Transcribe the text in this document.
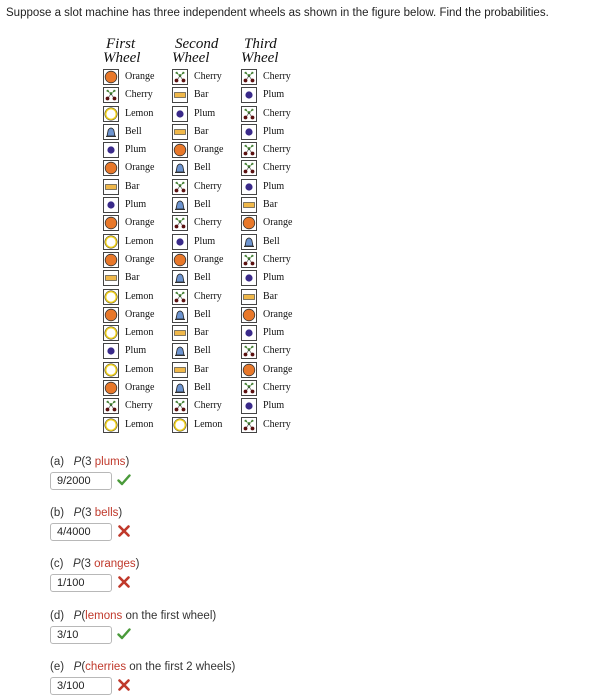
Suppose a slot machine has three independent wheels as shown in the figure below. Find the probabilities.

First
Wheel
Orange
Cherry
Lemon
Bell
Plum
Orange
Bar
Plum
Orange
Lemon
Orange
Bar
Lemon
Orange
Lemon
Plum
Lemon
Orange
Cherry
Lemon
Second
Wheel
Cherry
Bar
Plum
Bar
Orange
Bell
Cherry
Bell
Cherry
Plum
Orange
Bell
Cherry
Bell
Bar
Bell
Bar
Bell
Cherry
Lemon
Third
Wheel
Cherry
Plum
Cherry
Plum
Cherry
Cherry
Plum
Bar
Orange
Bell
Cherry
Plum
Bar
Orange
Plum
Cherry
Orange
Cherry
Plum
Cherry
(a) P(3 plums)
9/2000
(b) P(3 bells)
4/4000
(c) P(3 oranges)
1/100
(d) P(lemons on the first wheel)
3/10
(e) P(cherries on the first 2 wheels)
3/100
